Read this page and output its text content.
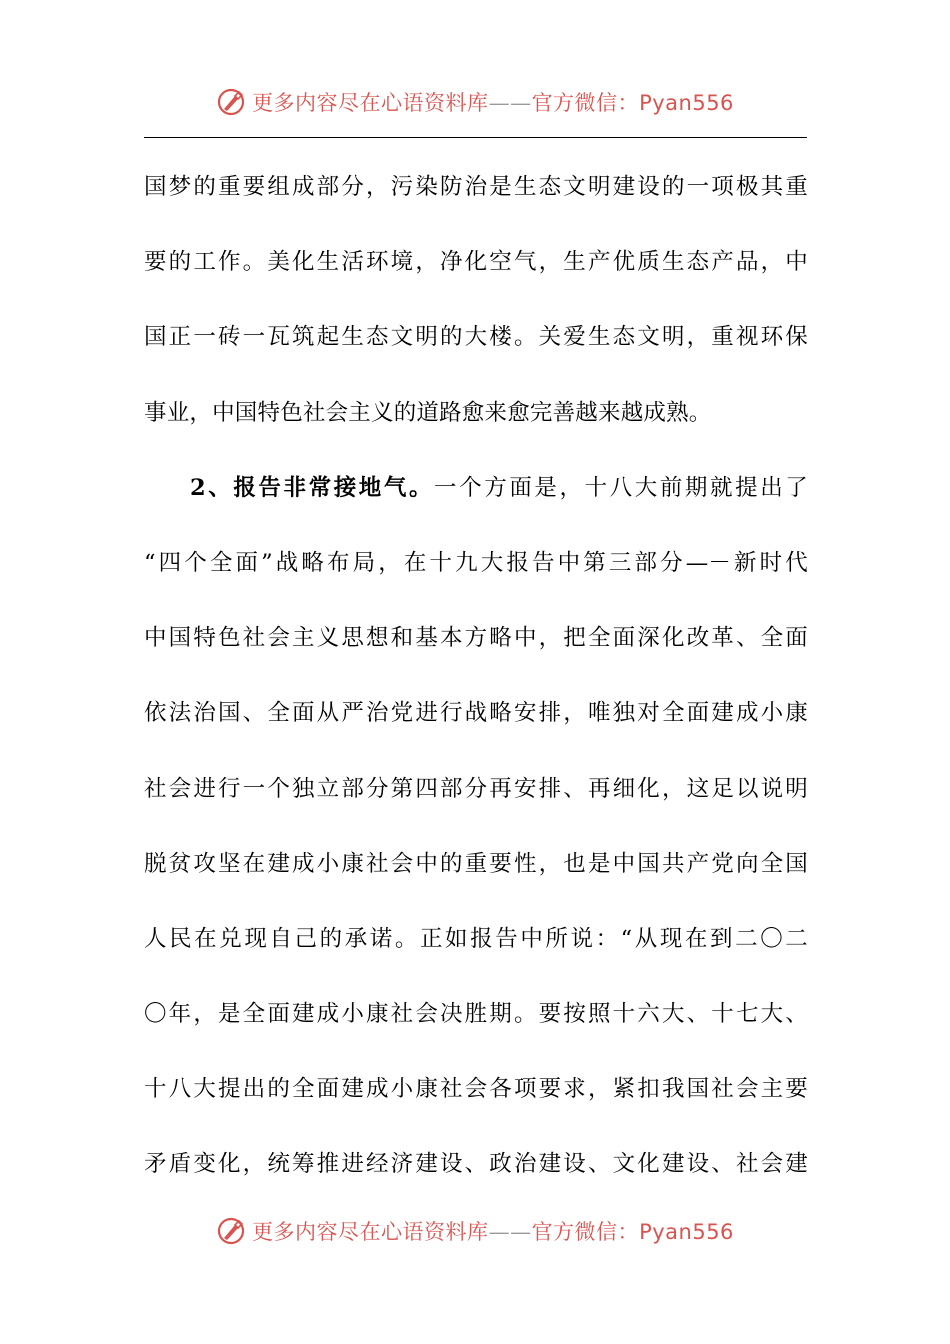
更多内容尽在心语资料库——官方微信：Pyan556
国梦的重要组成部分，污染防治是生态文明建设的一项极其重
要的工作。美化生活环境，净化空气，生产优质生态产品，中
国正一砖一瓦筑起生态文明的大楼。关爱生态文明，重视环保
事业，中国特色社会主义的道路愈来愈完善越来越成熟。
2、报告非常接地气。一个方面是，十八大前期就提出了
“四个全面”战略布局，在十九大报告中第三部分—－新时代
中国特色社会主义思想和基本方略中，把全面深化改革、全面
依法治国、全面从严治党进行战略安排，唯独对全面建成小康
社会进行一个独立部分第四部分再安排、再细化，这足以说明
脱贫攻坚在建成小康社会中的重要性，也是中国共产党向全国
人民在兑现自己的承诺。正如报告中所说：“从现在到二〇二
〇年，是全面建成小康社会决胜期。要按照十六大、十七大、
十八大提出的全面建成小康社会各项要求，紧扣我国社会主要
矛盾变化，统筹推进经济建设、政治建设、文化建设、社会建
更多内容尽在心语资料库——官方微信：Pyan556
